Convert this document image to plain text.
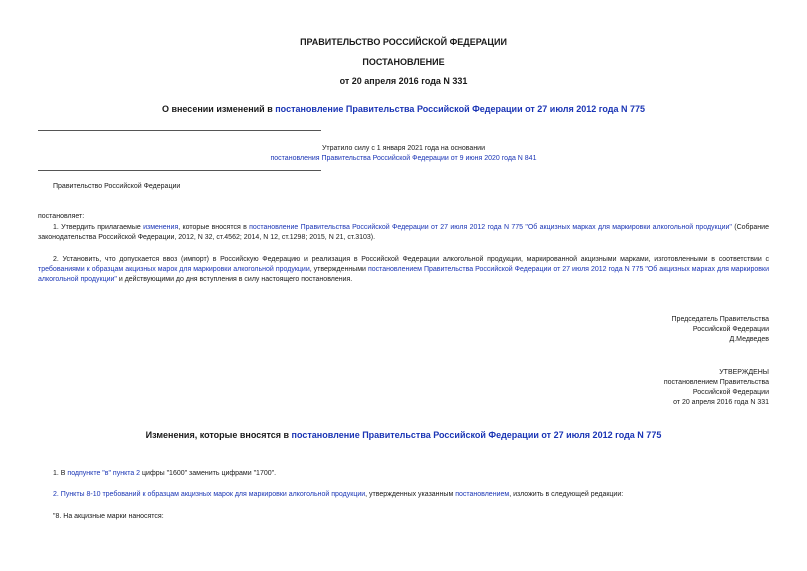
ПРАВИТЕЛЬСТВО РОССИЙСКОЙ ФЕДЕРАЦИИ
ПОСТАНОВЛЕНИЕ
от 20 апреля 2016 года N 331
О внесении изменений в постановление Правительства Российской Федерации от 27 июля 2012 года N 775
Утратило силу с 1 января 2021 года на основании
постановления Правительства Российской Федерации от 9 июня 2020 года N 841
Правительство Российской Федерации
постановляет:
1. Утвердить прилагаемые изменения, которые вносятся в постановление Правительства Российской Федерации от 27 июля 2012 года N 775 "Об акцизных марках для маркировки алкогольной продукции" (Собрание законодательства Российской Федерации, 2012, N 32, ст.4562; 2014, N 12, ст.1298; 2015, N 21, ст.3103).
2. Установить, что допускается ввоз (импорт) в Российскую Федерацию и реализация в Российской Федерации алкогольной продукции, маркированной акцизными марками, изготовленными в соответствии с требованиями к образцам акцизных марок для маркировки алкогольной продукции, утвержденными постановлением Правительства Российской Федерации от 27 июля 2012 года N 775 "Об акцизных марках для маркировки алкогольной продукции" и действующими до дня вступления в силу настоящего постановления.
Председатель Правительства
Российской Федерации
Д.Медведев
УТВЕРЖДЕНЫ
постановлением Правительства
Российской Федерации
от 20 апреля 2016 года N 331
Изменения, которые вносятся в постановление Правительства Российской Федерации от 27 июля 2012 года N 775
1. В подпункте "в" пункта 2 цифры "1600" заменить цифрами "1700".
2. Пункты 8-10 требований к образцам акцизных марок для маркировки алкогольной продукции, утвержденных указанным постановлением, изложить в следующей редакции:
"8. На акцизные марки наносятся:
